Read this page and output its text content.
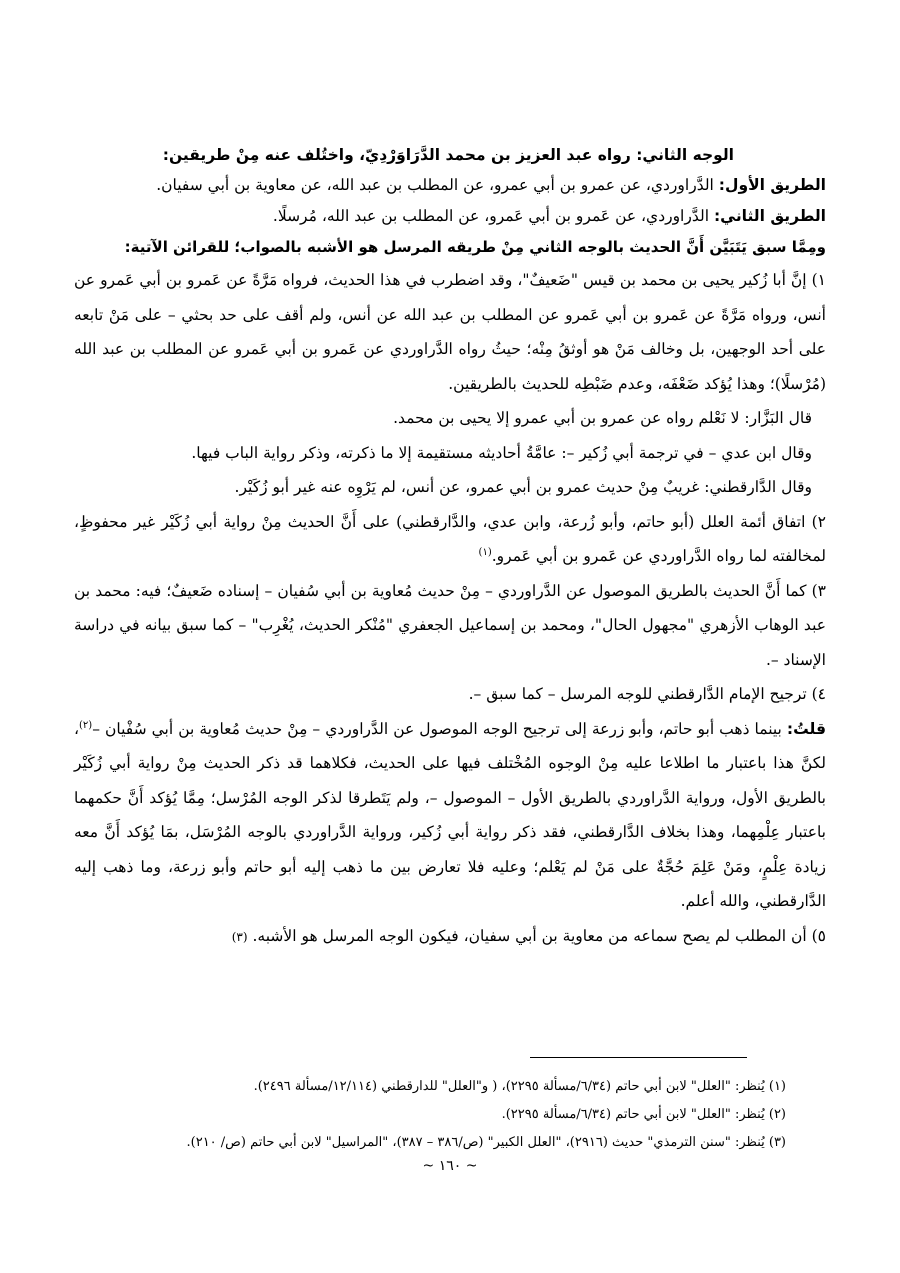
الوجه الثاني: رواه عبد العزيز بن محمد الدَّرَاوَرْدِيّ، واختُلف عنه مِنْ طريقين:

الطريق الأول: الدَّراوردي، عن عمرو بن أبي عمرو، عن المطلب بن عبد الله، عن معاوية بن أبي سفيان.

الطريق الثاني: الدَّراوردي، عن عَمرو بن أبي عَمرو، عن المطلب بن عبد الله، مُرسلًا.

ومِمَّا سبق يَتَبَيَّن أَنَّ الحديث بالوجه الثاني مِنْ طريقه المرسل هو الأشبه بالصواب؛ للقرائن الآتية:

١) إنَّ أبا زُكير يحيى بن محمد بن قيس "ضَعيفٌ"، وقد اضطرب في هذا الحديث، فرواه مَرَّةً عن عَمرو بن أبي عَمرو عن أنس، ورواه مَرَّةً عن عَمرو بن أبي عَمرو عن المطلب بن عبد الله عن أنس، ولم أقف على حد بحثي – على مَنْ تابعه على أحد الوجهين، بل وخالف مَنْ هو أوثقُ مِنْه؛ حيثُ رواه الدَّراوردي عن عَمرو بن أبي عَمرو عن المطلب بن عبد الله (مُرْسلًا)؛ وهذا يُؤكد ضَعْفَه، وعدم ضَبْطِه للحديث بالطريقين.

قال البَزَّار: لا نَعْلم رواه عن عمرو بن أبي عمرو إلا يحيى بن محمد.

وقال ابن عدي – في ترجمة أبي زُكير –: عامَّةُ أحاديثه مستقيمة إلا ما ذكرته، وذكر رواية الباب فيها.

وقال الدَّارقطني: غريبٌ مِنْ حديث عمرو بن أبي عمرو، عن أنس، لم يَرْوِه عنه غير أبو زُكَيْر.

٢) اتفاق أئمة العلل (أبو حاتم، وأبو زُرعة، وابن عدي، والدَّارقطني) على أَنَّ الحديث مِنْ رواية أبي زُكَيْر غير محفوظٍ، لمخالفته لما رواه الدَّراوردي عن عَمرو بن أبي عَمرو.$^{(١)}$

٣) كما أَنَّ الحديث بالطريق الموصول عن الدَّراوردي – مِنْ حديث مُعاوية بن أبي سُفيان – إسناده ضَعيفٌ؛ فيه: محمد بن عبد الوهاب الأزهري "مجهول الحال"، ومحمد بن إسماعيل الجعفري "مُنْكر الحديث، يُغْرِب" – كما سبق بيانه في دراسة الإسناد –.

٤) ترجيح الإمام الدَّارقطني للوجه المرسل – كما سبق –.

قلتُ: بينما ذهب أبو حاتم، وأبو زرعة إلى ترجيح الوجه الموصول عن الدَّراوردي – مِنْ حديث مُعاوية بن أبي سُفْيان –$^{(٢)}$، لكنَّ هذا باعتبار ما اطلاعا عليه مِنْ الوجوه المُخْتلف فيها على الحديث، فكلاهما قد ذكر الحديث مِنْ رواية أبي زُكَيْر بالطريق الأول، ورواية الدَّراوردي بالطريق الأول – الموصول –، ولم يَتَطرقا لذكر الوجه المُرْسل؛ مِمَّا يُؤكد أَنَّ حكمهما باعتبار عِلْمِهما، وهذا بخلاف الدَّارقطني، فقد ذكر رواية أبي زُكير، ورواية الدَّراوردي بالوجه المُرْسَل، بمَا يُؤكد أَنَّ معه زيادة عِلْمٍ، ومَنْ عَلِمَ حُجَّةٌ على مَنْ لم يَعْلم؛ وعليه فلا تعارض بين ما ذهب إليه أبو حاتم وأبو زرعة، وما ذهب إليه الدَّارقطني، والله أعلم.

٥) أن المطلب لم يصح سماعه من معاوية بن أبي سفيان، فيكون الوجه المرسل هو الأشبه. (٣)

(١) يُنظر: "العلل" لابن أبي حاتم (٦/٣٤/مسألة ٢٢٩٥)، ( و"العلل" للدارقطني (١٢/١١٤/مسألة ٢٤٩٦).

(٢) يُنظر: "العلل" لابن أبي حاتم (٦/٣٤/مسألة ٢٢٩٥).

(٣) يُنظر: "سنن الترمذي" حديث (٢٩١٦)، "العلل الكبير" (ص/٣٨٦ – ٣٨٧)، "المراسيل" لابن أبي حاتم (ص/ ٢١٠).

~ ١٦٠ ~
